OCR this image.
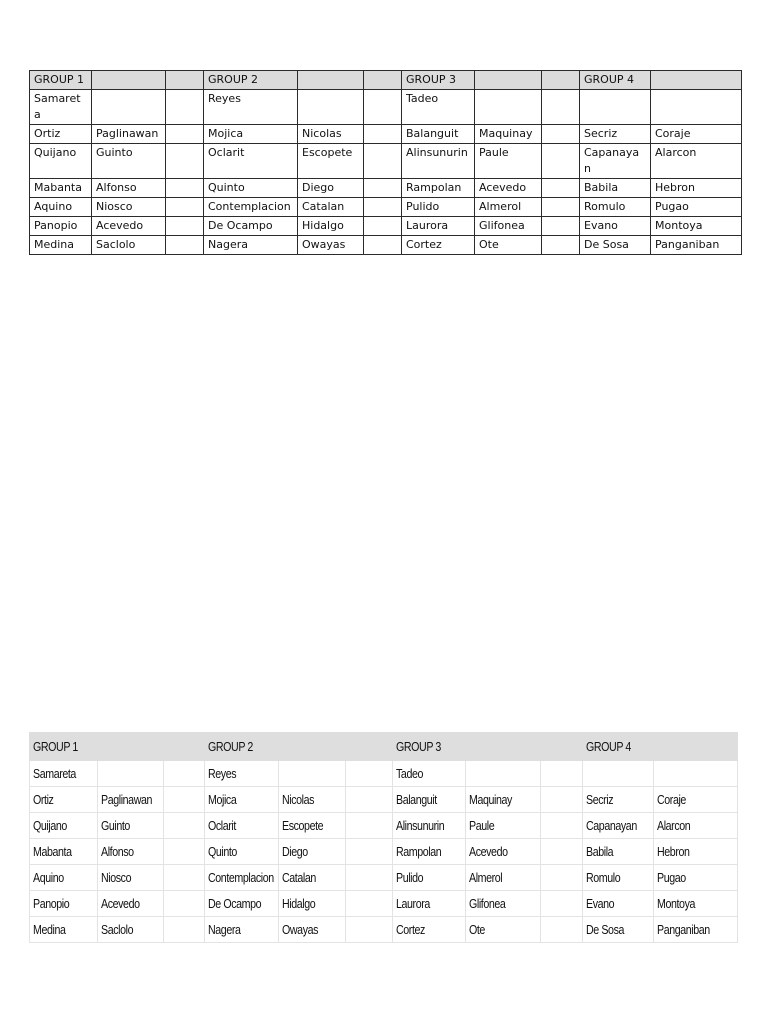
GROUP 1			GROUP 2			GROUP 3			GROUP 4	
Samareta			Reyes			Tadeo				
Ortiz	Paglinawan		Mojica	Nicolas		Balanguit	Maquinay		Secriz	Coraje
Quijano	Guinto		Oclarit	Escopete		Alinsunurin	Paule		Capanayan	Alarcon
Mabanta	Alfonso		Quinto	Diego		Rampolan	Acevedo		Babila	Hebron
Aquino	Niosco		Contemplacion	Catalan		Pulido	Almerol		Romulo	Pugao
Panopio	Acevedo		De Ocampo	Hidalgo		Laurora	Glifonea		Evano	Montoya
Medina	Saclolo		Nagera	Owayas		Cortez	Ote		De Sosa	Panganiban
GROUP 1			GROUP 2			GROUP 3			GROUP 4	
Samareta			Reyes			Tadeo				
Ortiz	Paglinawan		Mojica	Nicolas		Balanguit	Maquinay		Secriz	Coraje
Quijano	Guinto		Oclarit	Escopete		Alinsunurin	Paule		Capanayan	Alarcon
Mabanta	Alfonso		Quinto	Diego		Rampolan	Acevedo		Babila	Hebron
Aquino	Niosco		Contemplacion	Catalan		Pulido	Almerol		Romulo	Pugao
Panopio	Acevedo		De Ocampo	Hidalgo		Laurora	Glifonea		Evano	Montoya
Medina	Saclolo		Nagera	Owayas		Cortez	Ote		De Sosa	Panganiban
